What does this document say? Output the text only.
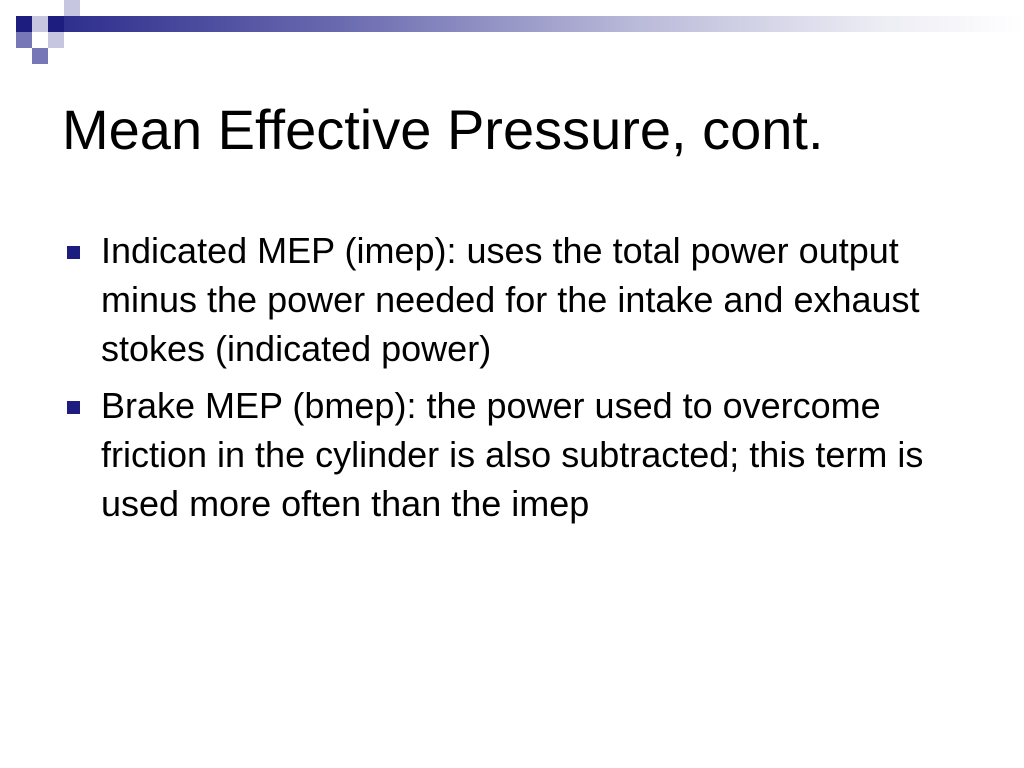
Mean Effective Pressure, cont.
Indicated MEP (imep): uses the total power output minus the power needed for the intake and exhaust stokes (indicated power)
Brake MEP (bmep): the power used to overcome friction in the cylinder is also subtracted; this term is used more often than the imep
